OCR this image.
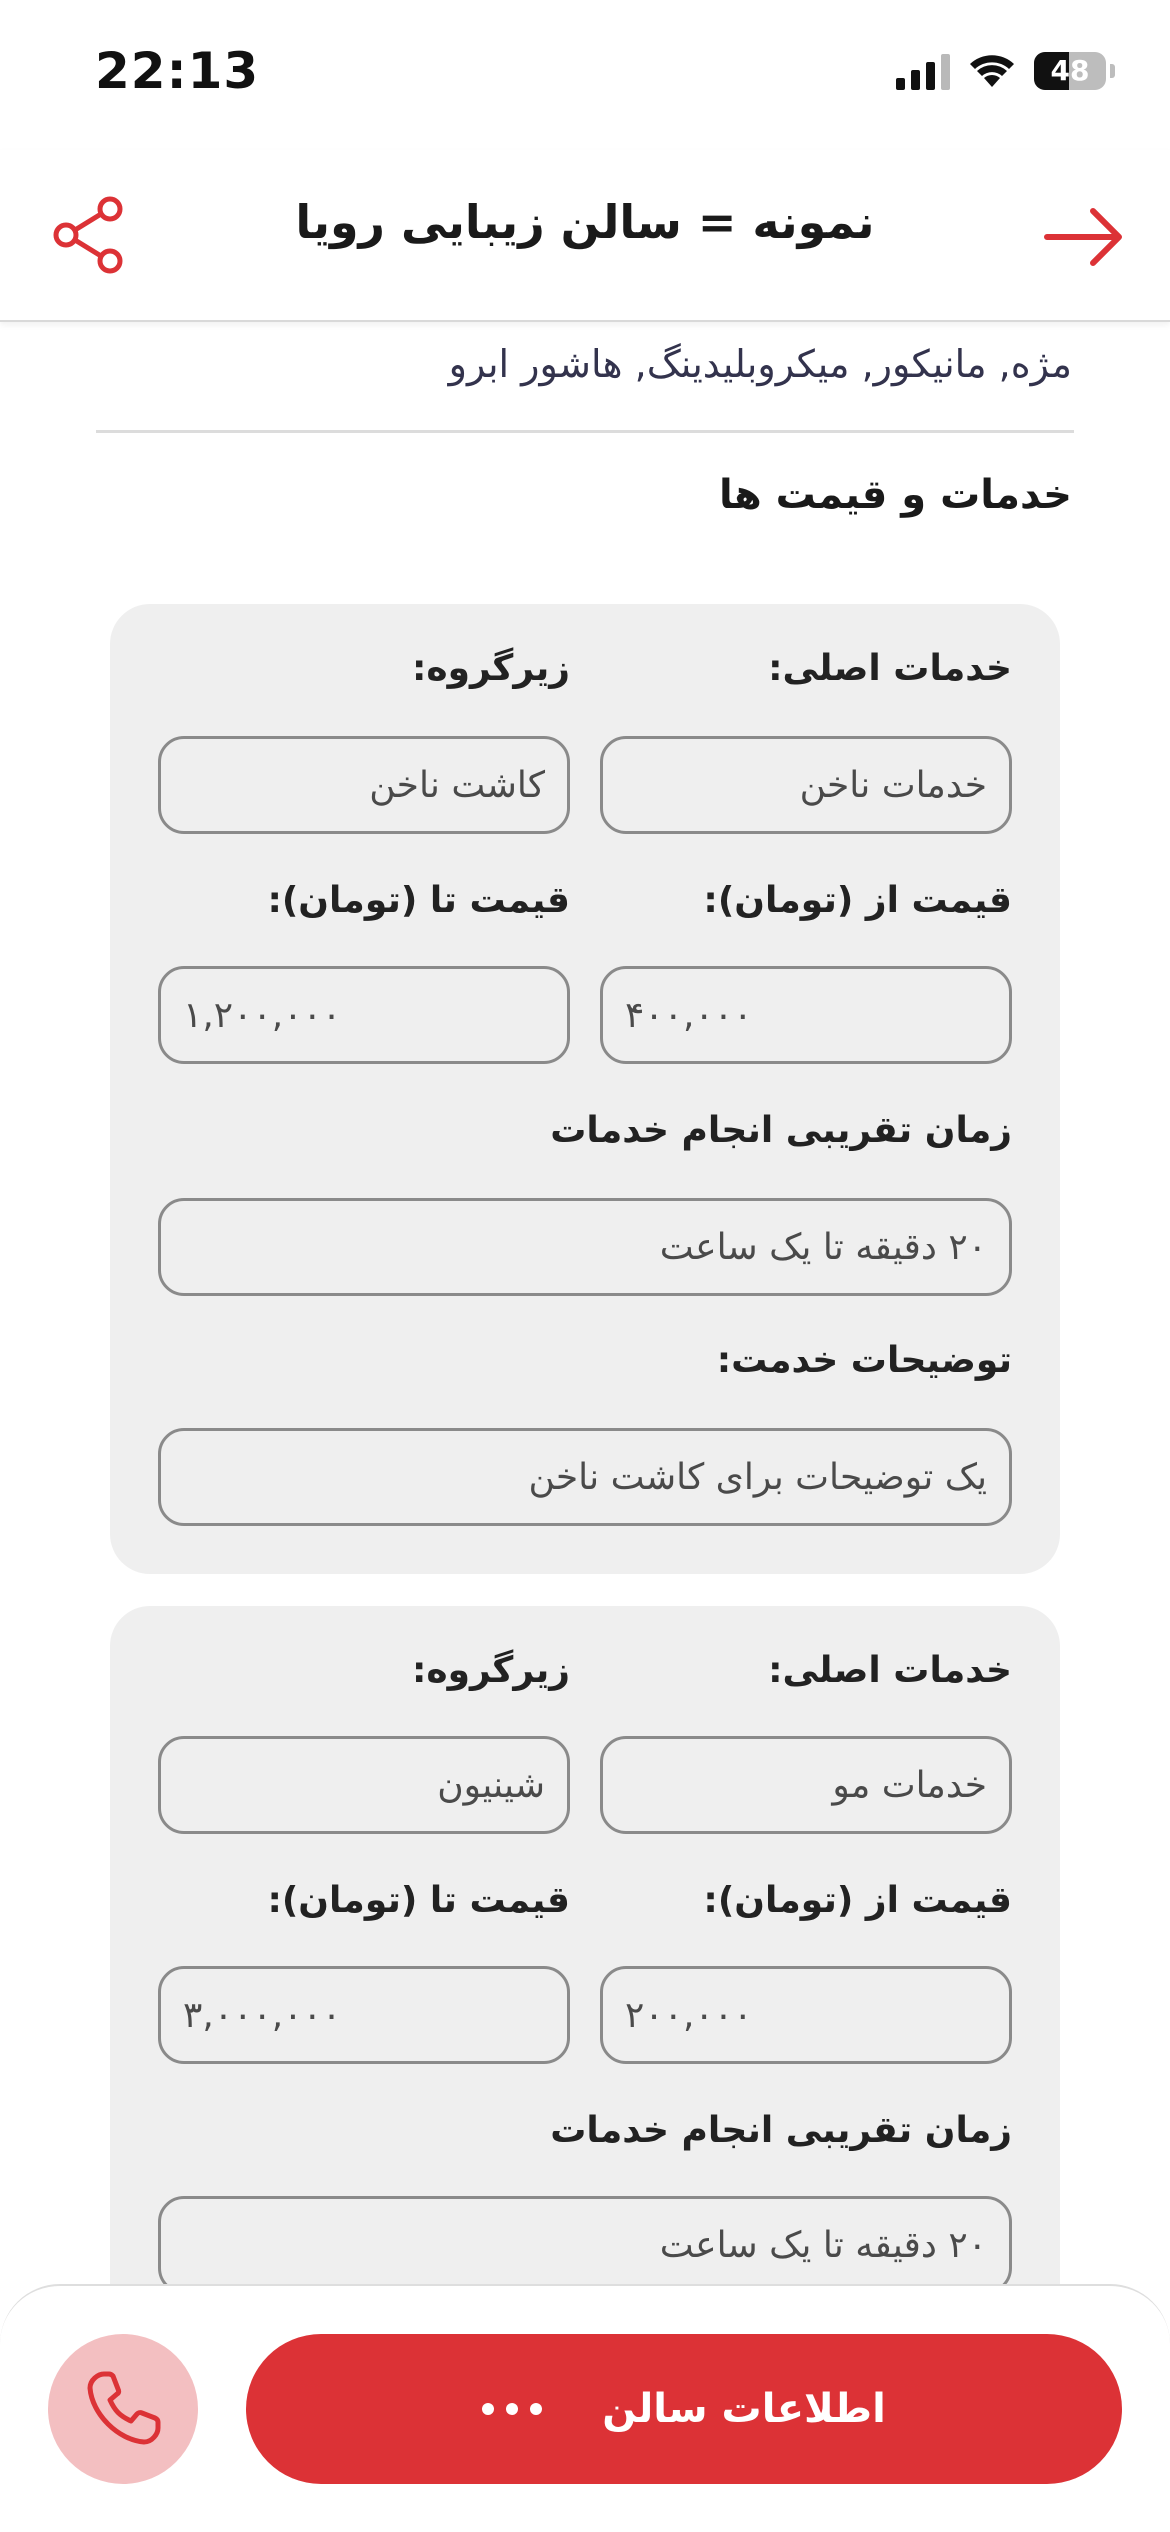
22:13	48
نمونه = سالن زیبایی رویا
مژه, مانیکور, میکروبلیدینگ, هاشور ابرو
خدمات و قیمت ها
خدمات اصلی:
زیرگروه:
خدمات ناخن
کاشت ناخن
قیمت از (تومان):
قیمت تا (تومان):
۴۰۰,۰۰۰
۱,۲۰۰,۰۰۰
زمان تقریبی انجام خدمات
۲۰ دقیقه تا یک ساعت
توضیحات خدمت:
یک توضیحات برای کاشت ناخن
خدمات اصلی:
زیرگروه:
خدمات مو
شینیون
قیمت از (تومان):
قیمت تا (تومان):
۲۰۰,۰۰۰
۳,۰۰۰,۰۰۰
زمان تقریبی انجام خدمات
۲۰ دقیقه تا یک ساعت
اطلاعات سالن
